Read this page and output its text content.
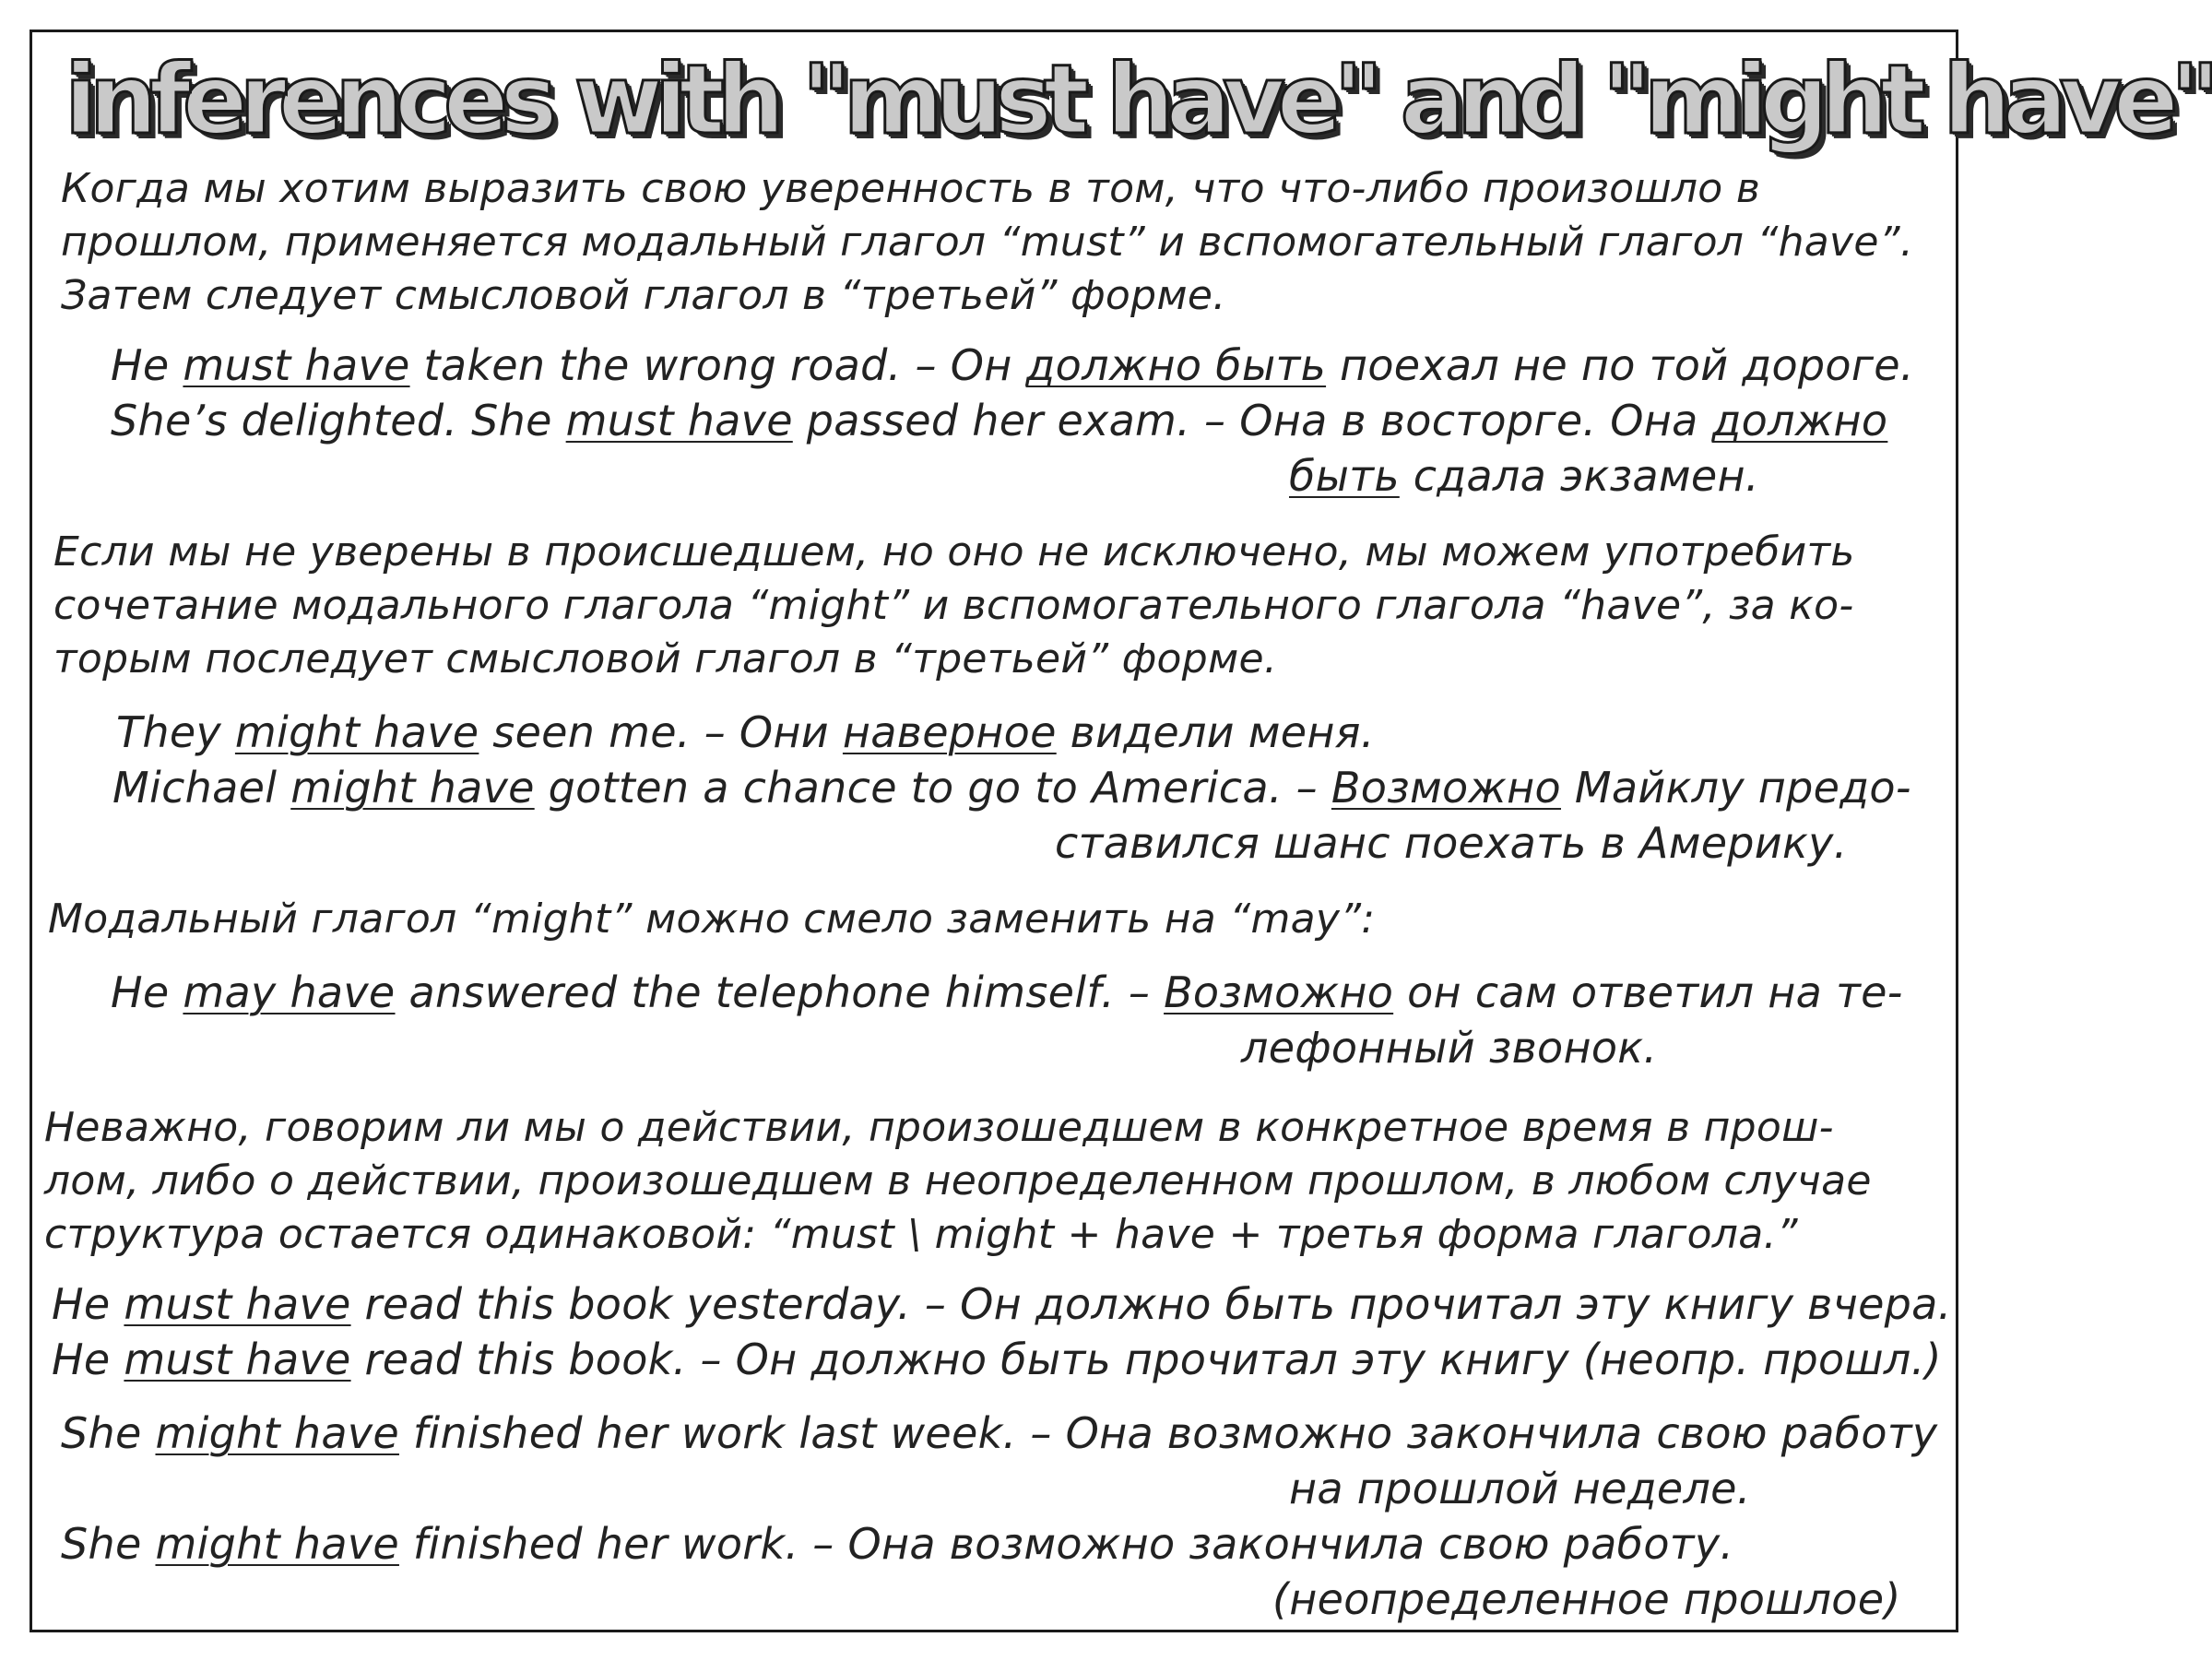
inferences with "must have" and "might have"

Когда мы хотим выразить свою уверенность в том, что что-либо произошло в
прошлом, применяется модальный глагол “must” и вспомогательный глагол “have”.
Затем следует смысловой глагол в “третьей” форме.

He must have taken the wrong road. – Он должно быть поехал не по той дороге.
She’s delighted. She must have passed her exam. – Она в восторге. Она должно
быть сдала экзамен.

Если мы не уверены в происшедшем, но оно не исключено, мы можем употребить
сочетание модального глагола “might” и вспомогательного глагола “have”, за ко-
торым последует смысловой глагол в “третьей” форме.

They might have seen me. – Они наверное видели меня.
Michael might have gotten a chance to go to America. – Возможно Майклу предо-
ставился шанс поехать в Америку.

Модальный глагол “might” можно смело заменить на “may”:

He may have answered the telephone himself. – Возможно он сам ответил на те-
лефонный звонок.

Неважно, говорим ли мы о действии, произошедшем в конкретное время в прош-
лом, либо о действии, произошедшем в неопределенном прошлом, в любом случае
структура остается одинаковой: “must \ might + have + третья форма глагола.”

He must have read this book yesterday. – Он должно быть прочитал эту книгу вчера.
He must have read this book. – Он должно быть прочитал эту книгу (неопр. прошл.)
She might have finished her work last week. – Она возможно закончила свою работу
на прошлой неделе.
She might have finished her work. – Она возможно закончила свою работу.
(неопределенное прошлое)
